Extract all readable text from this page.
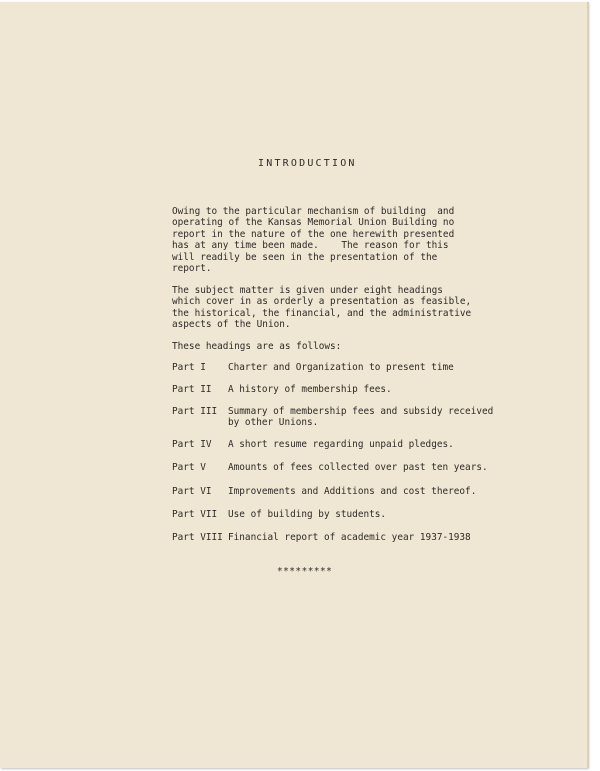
INTRODUCTION
Owing to the particular mechanism of building  and
operating of the Kansas Memorial Union Building no
report in the nature of the one herewith presented
has at any time been made.    The reason for this
will readily be seen in the presentation of the
report.
The subject matter is given under eight headings
which cover in as orderly a presentation as feasible,
the historical, the financial, and the administrative
aspects of the Union.
These headings are as follows:
Part I Charter and Organization to present time
Part II A history of membership fees.
Part III Summary of membership fees and subsidy received
by other Unions.
Part IV A short resume regarding unpaid pledges.
Part V Amounts of fees collected over past ten years.
Part VI Improvements and Additions and cost thereof.
Part VII Use of building by students.
Part VIII Financial report of academic year 1937-1938
*********
